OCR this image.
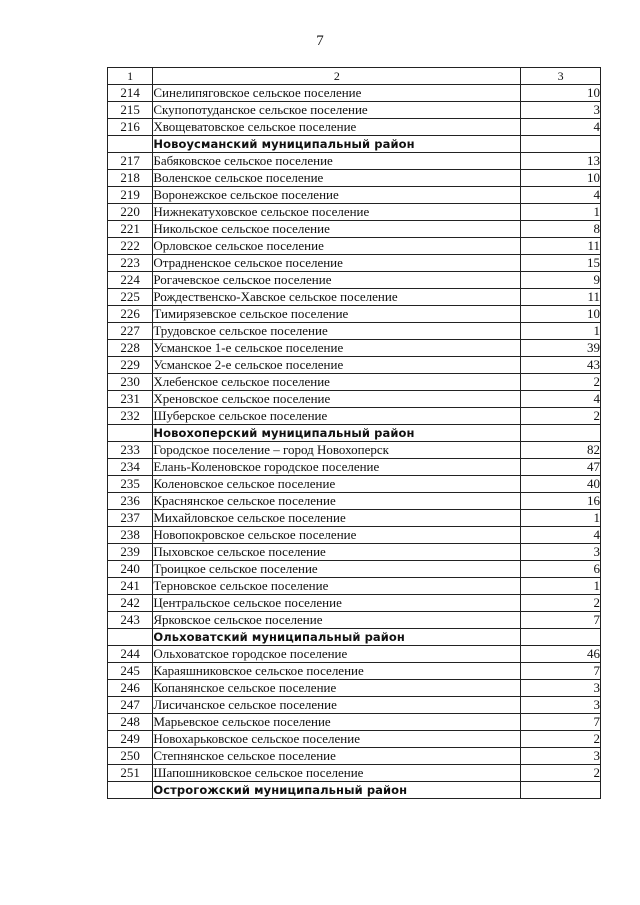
7
1	2	3
214	Синелипяговское сельское поселение	10
215	Скупопотуданское сельское поселение	3
216	Хвощеватовское сельское поселение	4
	Новоусманский муниципальный район	
217	Бабяковское сельское поселение	13
218	Воленское сельское поселение	10
219	Воронежское сельское поселение	4
220	Нижнекатуховское сельское поселение	1
221	Никольское сельское поселение	8
222	Орловское сельское поселение	11
223	Отрадненское сельское поселение	15
224	Рогачевское сельское поселение	9
225	Рождественско-Хавское сельское поселение	11
226	Тимирязевское сельское поселение	10
227	Трудовское сельское поселение	1
228	Усманское 1-е сельское поселение	39
229	Усманское 2-е сельское поселение	43
230	Хлебенское сельское поселение	2
231	Хреновское сельское поселение	4
232	Шуберское сельское поселение	2
	Новохоперский муниципальный район	
233	Городское поселение – город Новохоперск	82
234	Елань-Коленовское городское поселение	47
235	Коленовское сельское поселение	40
236	Краснянское сельское поселение	16
237	Михайловское сельское поселение	1
238	Новопокровское сельское поселение	4
239	Пыховское сельское поселение	3
240	Троицкое сельское поселение	6
241	Терновское сельское поселение	1
242	Центральское сельское поселение	2
243	Ярковское сельское поселение	7
	Ольховатский муниципальный район	
244	Ольховатское городское поселение	46
245	Караяшниковское сельское поселение	7
246	Копанянское сельское поселение	3
247	Лисичанское сельское поселение	3
248	Марьевское сельское поселение	7
249	Новохарьковское сельское поселение	2
250	Степнянское сельское поселение	3
251	Шапошниковское сельское поселение	2
	Острогожский муниципальный район	
